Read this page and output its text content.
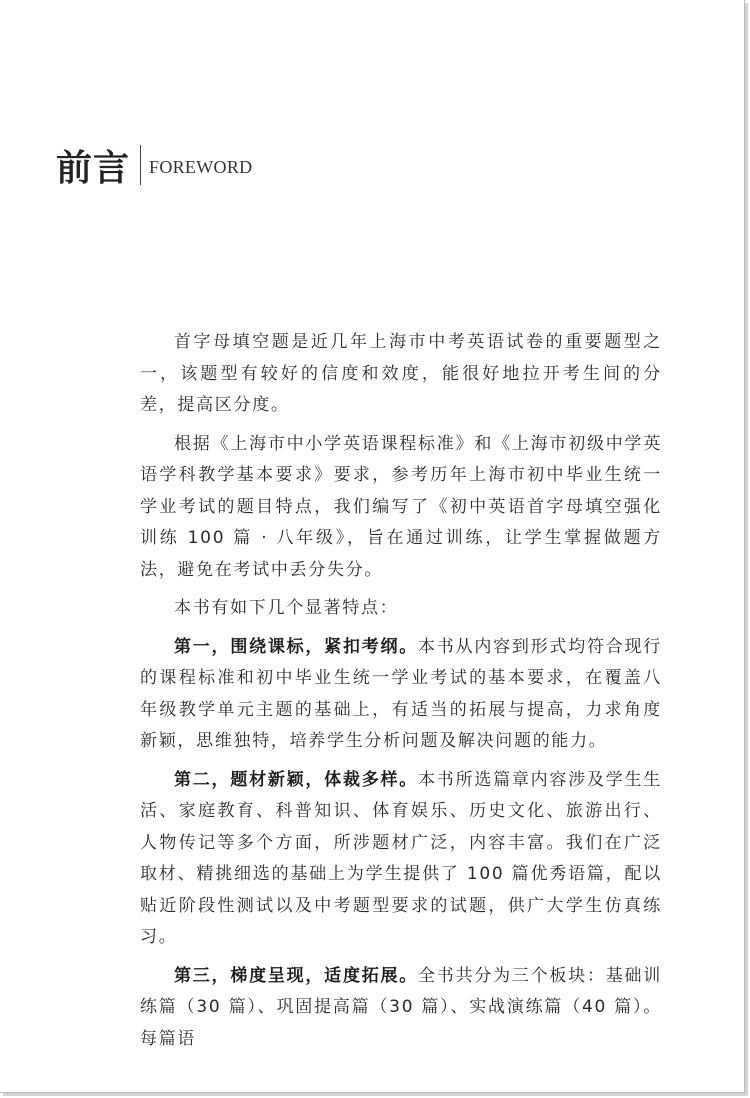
前言 FOREWORD

首字母填空题是近几年上海市中考英语试卷的重要题型之一，该题型有较好的信度和效度，能很好地拉开考生间的分差，提高区分度。

根据《上海市中小学英语课程标准》和《上海市初级中学英语学科教学基本要求》要求，参考历年上海市初中毕业生统一学业考试的题目特点，我们编写了《初中英语首字母填空强化训练 100 篇 · 八年级》，旨在通过训练，让学生掌握做题方法，避免在考试中丢分失分。

本书有如下几个显著特点：

第一，围绕课标，紧扣考纲。本书从内容到形式均符合现行的课程标准和初中毕业生统一学业考试的基本要求，在覆盖八年级教学单元主题的基础上，有适当的拓展与提高，力求角度新颖，思维独特，培养学生分析问题及解决问题的能力。

第二，题材新颖，体裁多样。本书所选篇章内容涉及学生生活、家庭教育、科普知识、体育娱乐、历史文化、旅游出行、人物传记等多个方面，所涉题材广泛，内容丰富。我们在广泛取材、精挑细选的基础上为学生提供了 100 篇优秀语篇，配以贴近阶段性测试以及中考题型要求的试题，供广大学生仿真练习。

第三，梯度呈现，适度拓展。全书共分为三个板块：基础训练篇（30 篇）、巩固提高篇（30 篇）、实战演练篇（40 篇）。每篇语
